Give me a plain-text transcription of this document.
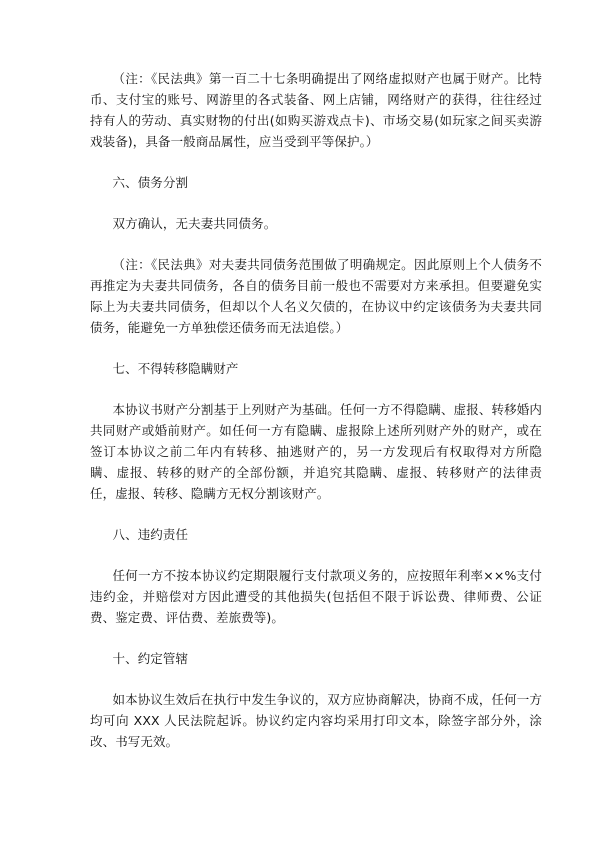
（注：《民法典》第一百二十七条明确提出了网络虚拟财产也属于财产。比特币、支付宝的账号、网游里的各式装备、网上店铺，网络财产的获得，往往经过持有人的劳动、真实财物的付出(如购买游戏点卡)、市场交易(如玩家之间买卖游戏装备)，具备一般商品属性，应当受到平等保护。）

六、债务分割

双方确认，无夫妻共同债务。

（注：《民法典》对夫妻共同债务范围做了明确规定。因此原则上个人债务不再推定为夫妻共同债务，各自的债务目前一般也不需要对方来承担。但要避免实际上为夫妻共同债务，但却以个人名义欠债的，在协议中约定该债务为夫妻共同债务，能避免一方单独偿还债务而无法追偿。）

七、不得转移隐瞒财产

本协议书财产分割基于上列财产为基础。任何一方不得隐瞒、虚报、转移婚内共同财产或婚前财产。如任何一方有隐瞒、虚报除上述所列财产外的财产，或在签订本协议之前二年内有转移、抽逃财产的，另一方发现后有权取得对方所隐瞒、虚报、转移的财产的全部份额，并追究其隐瞒、虚报、转移财产的法律责任，虚报、转移、隐瞒方无权分割该财产。

八、违约责任

任何一方不按本协议约定期限履行支付款项义务的，应按照年利率××%支付违约金，并赔偿对方因此遭受的其他损失(包括但不限于诉讼费、律师费、公证费、鉴定费、评估费、差旅费等)。

十、约定管辖

如本协议生效后在执行中发生争议的，双方应协商解决，协商不成，任何一方均可向 XXX 人民法院起诉。协议约定内容均采用打印文本，除签字部分外，涂改、书写无效。
